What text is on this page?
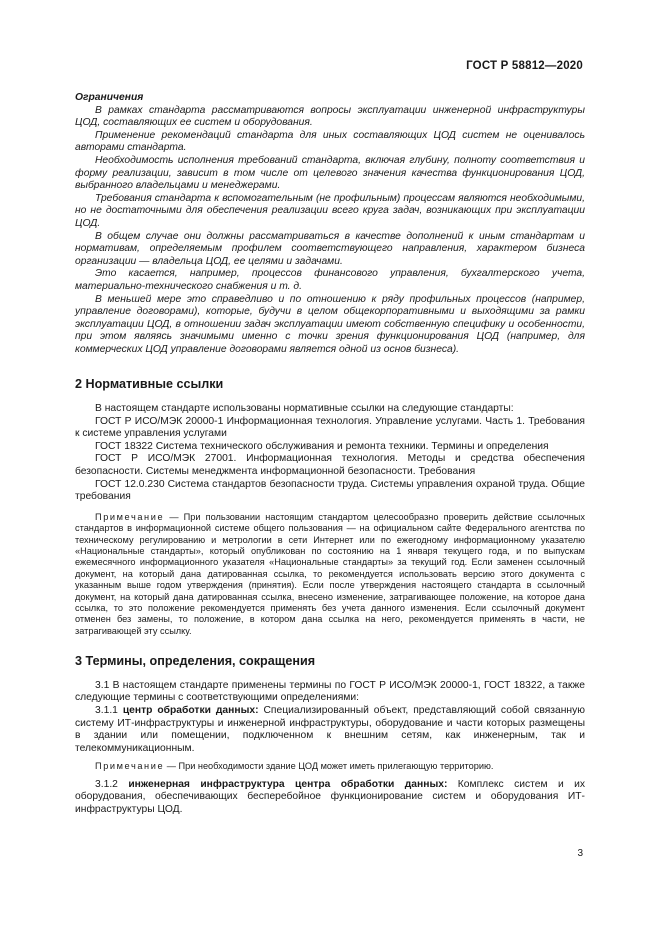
ГОСТ Р 58812—2020

Ограничения

В рамках стандарта рассматриваются вопросы эксплуатации инженерной инфраструктуры ЦОД, составляющих ее систем и оборудования.

Применение рекомендаций стандарта для иных составляющих ЦОД систем не оценивалось авторами стандарта.

Необходимость исполнения требований стандарта, включая глубину, полноту соответствия и форму реализации, зависит в том числе от целевого значения качества функционирования ЦОД, выбранного владельцами и менеджерами.

Требования стандарта к вспомогательным (не профильным) процессам являются необходимыми, но не достаточными для обеспечения реализации всего круга задач, возникающих при эксплуатации ЦОД.

В общем случае они должны рассматриваться в качестве дополнений к иным стандартам и нормативам, определяемым профилем соответствующего направления, характером бизнеса организации — владельца ЦОД, ее целями и задачами.

Это касается, например, процессов финансового управления, бухгалтерского учета, материально-технического снабжения и т. д.

В меньшей мере это справедливо и по отношению к ряду профильных процессов (например, управление договорами), которые, будучи в целом общекорпоративными и выходящими за рамки эксплуатации ЦОД, в отношении задач эксплуатации имеют собственную специфику и особенности, при этом являясь значимыми именно с точки зрения функционирования ЦОД (например, для коммерческих ЦОД управление договорами является одной из основ бизнеса).

2 Нормативные ссылки

В настоящем стандарте использованы нормативные ссылки на следующие стандарты:

ГОСТ Р ИСО/МЭК 20000-1 Информационная технология. Управление услугами. Часть 1. Требования к системе управления услугами

ГОСТ 18322 Система технического обслуживания и ремонта техники. Термины и определения

ГОСТ Р ИСО/МЭК 27001. Информационная технология. Методы и средства обеспечения безопасности. Системы менеджмента информационной безопасности. Требования

ГОСТ 12.0.230 Система стандартов безопасности труда. Системы управления охраной труда. Общие требования

Примечание — При пользовании настоящим стандартом целесообразно проверить действие ссылочных стандартов в информационной системе общего пользования — на официальном сайте Федерального агентства по техническому регулированию и метрологии в сети Интернет или по ежегодному информационному указателю «Национальные стандарты», который опубликован по состоянию на 1 января текущего года, и по выпускам ежемесячного информационного указателя «Национальные стандарты» за текущий год. Если заменен ссылочный документ, на который дана датированная ссылка, то рекомендуется использовать версию этого документа с указанным выше годом утверждения (принятия). Если после утверждения настоящего стандарта в ссылочный документ, на который дана датированная ссылка, внесено изменение, затрагивающее положение, на которое дана ссылка, то это положение рекомендуется применять без учета данного изменения. Если ссылочный документ отменен без замены, то положение, в котором дана ссылка на него, рекомендуется применять в части, не затрагивающей эту ссылку.

3 Термины, определения, сокращения

3.1 В настоящем стандарте применены термины по ГОСТ Р ИСО/МЭК 20000-1, ГОСТ 18322, а также следующие термины с соответствующими определениями:

3.1.1 центр обработки данных: Специализированный объект, представляющий собой связанную систему ИТ-инфраструктуры и инженерной инфраструктуры, оборудование и части которых размещены в здании или помещении, подключенном к внешним сетям, как инженерным, так и телекоммуникационным.

Примечание — При необходимости здание ЦОД может иметь прилегающую территорию.

3.1.2 инженерная инфраструктура центра обработки данных: Комплекс систем и их оборудования, обеспечивающих бесперебойное функционирование систем и оборудования ИТ-инфраструктуры ЦОД.

3
